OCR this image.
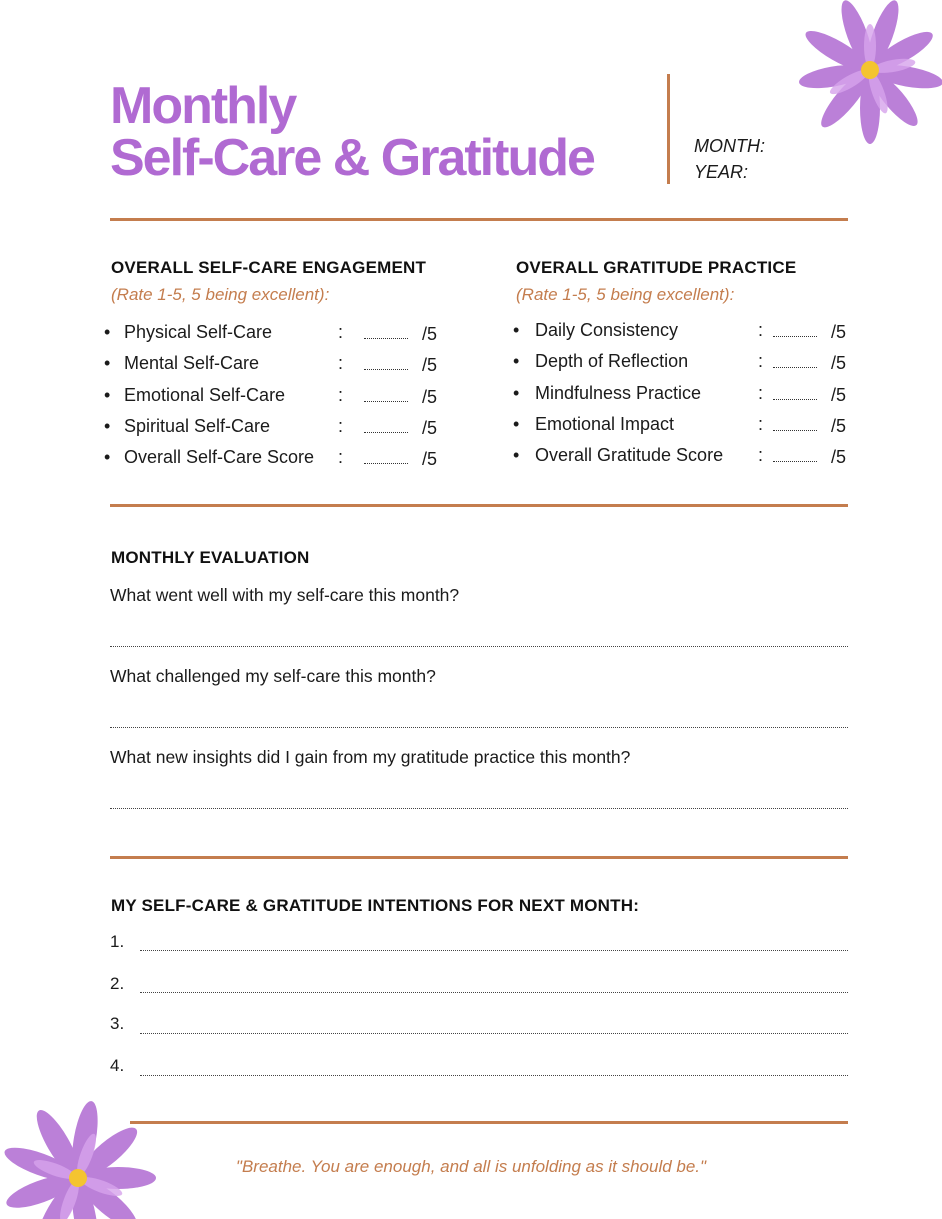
Monthly
Self-Care & Gratitude	MONTH:
YEAR:
OVERALL SELF-CARE ENGAGEMENT
(Rate 1-5, 5 being excellent):
• Physical Self-Care	:	/5
• Mental Self-Care	:	/5
• Emotional Self-Care	:	/5
• Spiritual Self-Care	:	/5
• Overall Self-Care Score :	/5
OVERALL GRATITUDE PRACTICE
(Rate 1-5, 5 being excellent):
• Daily Consistency	:	/5
• Depth of Reflection	:	/5
• Mindfulness Practice	:	/5
• Emotional Impact	:	/5
• Overall Gratitude Score :	/5
MONTHLY EVALUATION
What went well with my self-care this month?
What challenged my self-care this month?
What new insights did I gain from my gratitude practice this month?
MY SELF-CARE & GRATITUDE INTENTIONS FOR NEXT MONTH:
1.
2.
3.
4.
"Breathe. You are enough, and all is unfolding as it should be."
